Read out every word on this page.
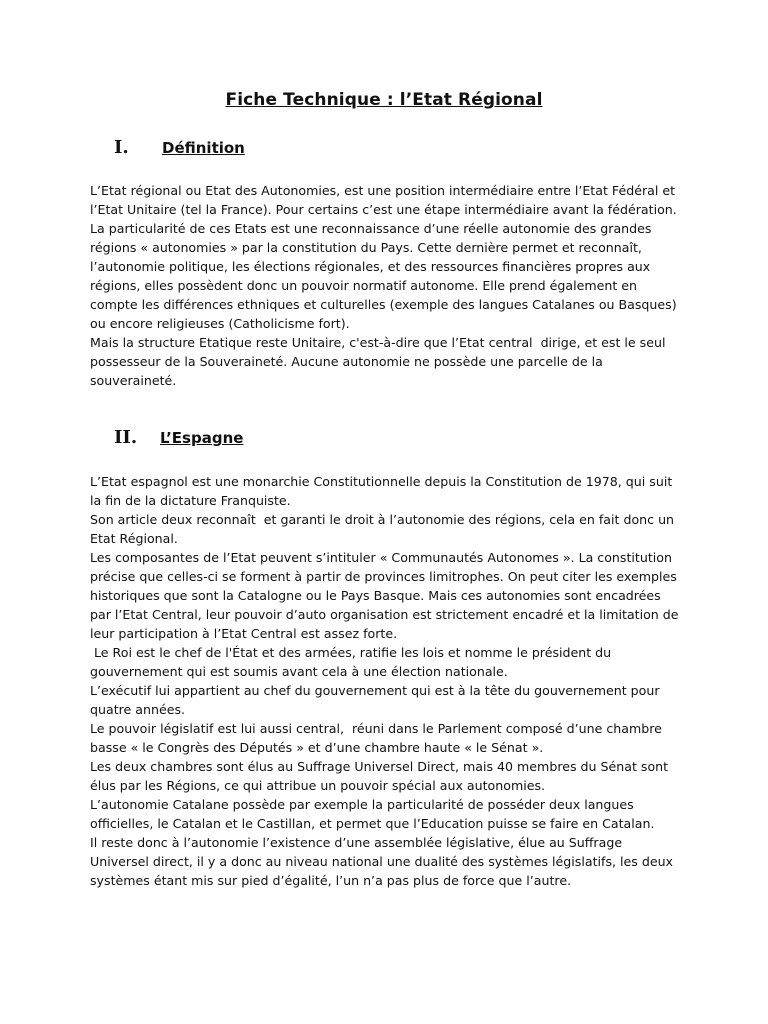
Fiche Technique : l’Etat Régional
I.	Définition

L’Etat régional ou Etat des Autonomies, est une position intermédiaire entre l’Etat Fédéral et l’Etat Unitaire (tel la France). Pour certains c’est une étape intermédiaire avant la fédération.

La particularité de ces Etats est une reconnaissance d’une réelle autonomie des grandes régions « autonomies » par la constitution du Pays. Cette dernière permet et reconnaît, l’autonomie politique, les élections régionales, et des ressources financières propres aux régions, elles possèdent donc un pouvoir normatif autonome. Elle prend également en compte les différences ethniques et culturelles (exemple des langues Catalanes ou Basques) ou encore religieuses (Catholicisme fort).

Mais la structure Etatique reste Unitaire, c'est-à-dire que l’Etat central  dirige, et est le seul possesseur de la Souveraineté. Aucune autonomie ne possède une parcelle de la souveraineté.

II.	L’Espagne

L’Etat espagnol est une monarchie Constitutionnelle depuis la Constitution de 1978, qui suit la fin de la dictature Franquiste.

Son article deux reconnaît  et garanti le droit à l’autonomie des régions, cela en fait donc un Etat Régional.

Les composantes de l’Etat peuvent s’intituler « Communautés Autonomes ». La constitution précise que celles-ci se forment à partir de provinces limitrophes. On peut citer les exemples historiques que sont la Catalogne ou le Pays Basque. Mais ces autonomies sont encadrées par l’Etat Central, leur pouvoir d’auto organisation est strictement encadré et la limitation de leur participation à l’Etat Central est assez forte.

Le Roi est le chef de l'État et des armées, ratifie les lois et nomme le président du gouvernement qui est soumis avant cela à une élection nationale.

L’exécutif lui appartient au chef du gouvernement qui est à la tête du gouvernement pour quatre années.

Le pouvoir législatif est lui aussi central,  réuni dans le Parlement composé d’une chambre basse « le Congrès des Députés » et d’une chambre haute « le Sénat ».

Les deux chambres sont élus au Suffrage Universel Direct, mais 40 membres du Sénat sont élus par les Régions, ce qui attribue un pouvoir spécial aux autonomies.

L’autonomie Catalane possède par exemple la particularité de posséder deux langues officielles, le Catalan et le Castillan, et permet que l’Education puisse se faire en Catalan.

Il reste donc à l’autonomie l’existence d’une assemblée législative, élue au Suffrage Universel direct, il y a donc au niveau national une dualité des systèmes législatifs, les deux systèmes étant mis sur pied d’égalité, l’un n’a pas plus de force que l’autre.
